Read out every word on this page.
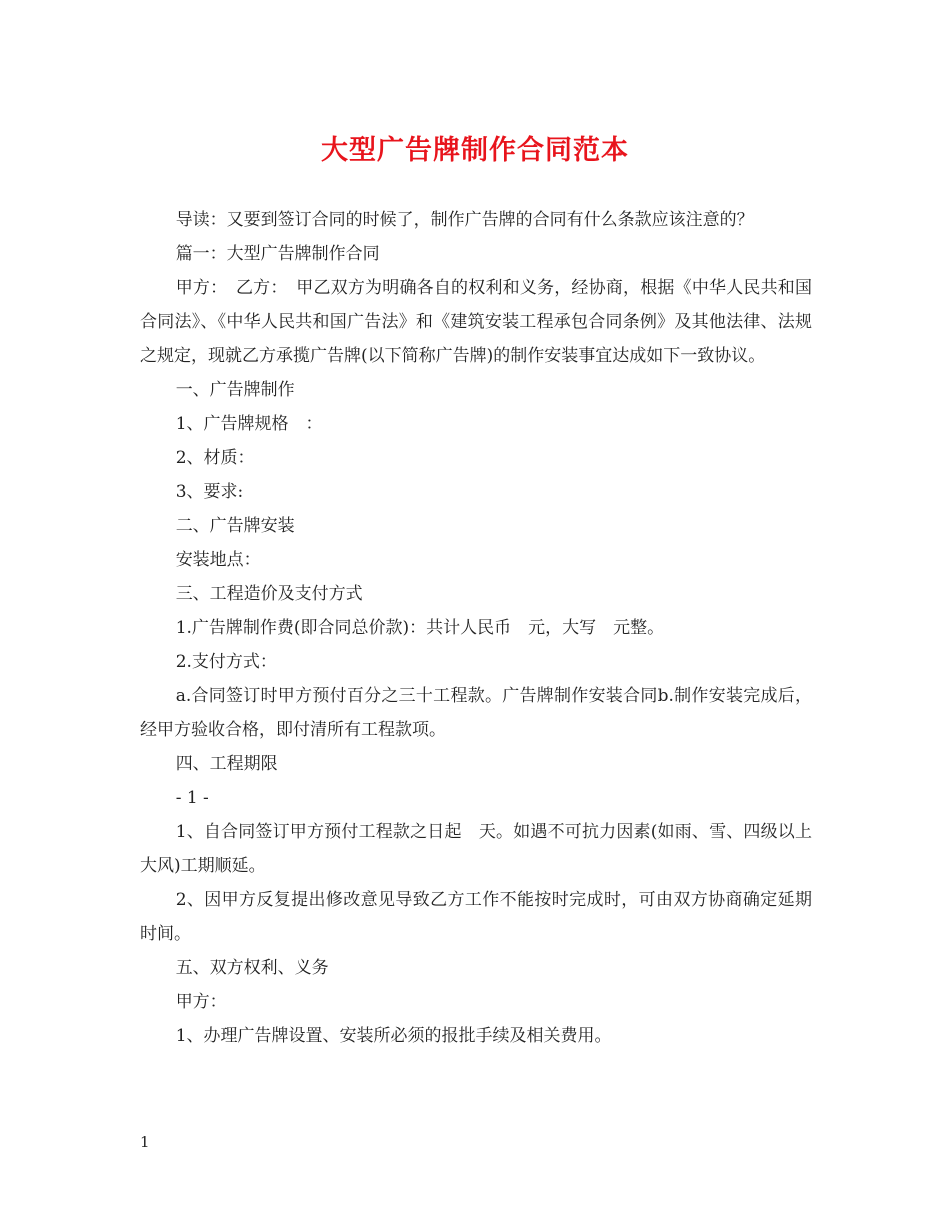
大型广告牌制作合同范本

导读：又要到签订合同的时候了，制作广告牌的合同有什么条款应该注意的？

篇一：大型广告牌制作合同

甲方：　乙方：　甲乙双方为明确各自的权利和义务，经协商，根据《中华人民共和国合同法》、《中华人民共和国广告法》和《建筑安装工程承包合同条例》及其他法律、法规之规定，现就乙方承揽广告牌(以下简称广告牌)的制作安装事宜达成如下一致协议。

一、广告牌制作

1、广告牌规格　：

2、材质：

3、要求:

二、广告牌安装

安装地点：

三、工程造价及支付方式

1.广告牌制作费(即合同总价款)：共计人民币　元，大写　元整。

2.支付方式：

a.合同签订时甲方预付百分之三十工程款。广告牌制作安装合同b.制作安装完成后，经甲方验收合格，即付清所有工程款项。

四、工程期限

- 1 -

1、自合同签订甲方预付工程款之日起　天。如遇不可抗力因素(如雨、雪、四级以上大风)工期顺延。

2、因甲方反复提出修改意见导致乙方工作不能按时完成时，可由双方协商确定延期时间。

五、双方权利、义务

甲方：

1、办理广告牌设置、安装所必须的报批手续及相关费用。

1
